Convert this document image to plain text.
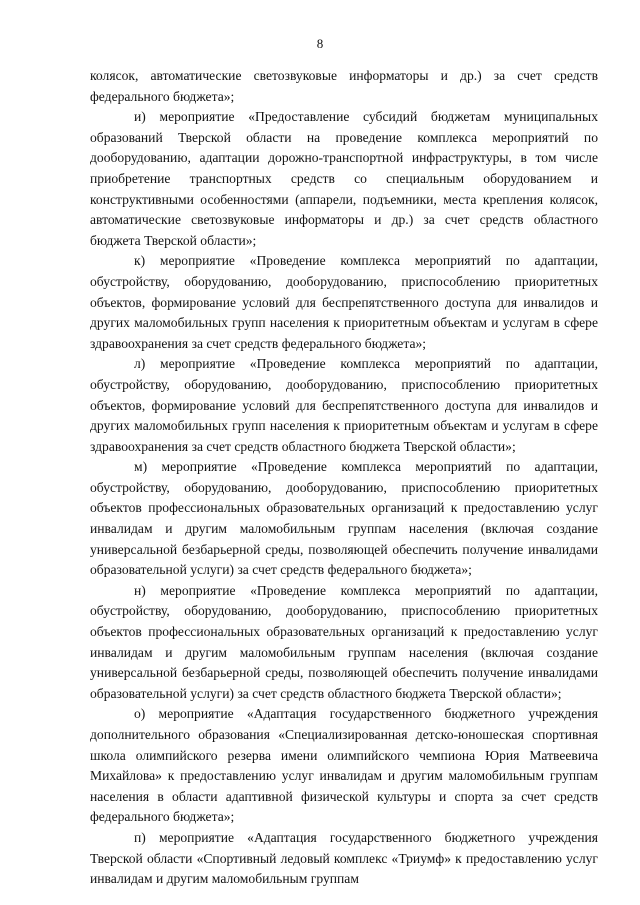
8

колясок, автоматические светозвуковые информаторы и др.) за счет средств федерального бюджета»;

и) мероприятие «Предоставление субсидий бюджетам муниципальных образований Тверской области на проведение комплекса мероприятий по дооборудованию, адаптации дорожно-транспортной инфраструктуры, в том числе приобретение транспортных средств со специальным оборудованием и конструктивными особенностями (аппарели, подъемники, места крепления колясок, автоматические светозвуковые информаторы и др.) за счет средств областного бюджета Тверской области»;

к) мероприятие «Проведение комплекса мероприятий по адаптации, обустройству, оборудованию, дооборудованию, приспособлению приоритетных объектов, формирование условий для беспрепятственного доступа для инвалидов и других маломобильных групп населения к приоритетным объектам и услугам в сфере здравоохранения за счет средств федерального бюджета»;

л) мероприятие «Проведение комплекса мероприятий по адаптации, обустройству, оборудованию, дооборудованию, приспособлению приоритетных объектов, формирование условий для беспрепятственного доступа для инвалидов и других маломобильных групп населения к приоритетным объектам и услугам в сфере здравоохранения за счет средств областного бюджета Тверской области»;

м) мероприятие «Проведение комплекса мероприятий по адаптации, обустройству, оборудованию, дооборудованию, приспособлению приоритетных объектов профессиональных образовательных организаций к предоставлению услуг инвалидам и другим маломобильным группам населения (включая создание универсальной безбарьерной среды, позволяющей обеспечить получение инвалидами образовательной услуги) за счет средств федерального бюджета»;

н) мероприятие «Проведение комплекса мероприятий по адаптации, обустройству, оборудованию, дооборудованию, приспособлению приоритетных объектов профессиональных образовательных организаций к предоставлению услуг инвалидам и другим маломобильным группам населения (включая создание универсальной безбарьерной среды, позволяющей обеспечить получение инвалидами образовательной услуги) за счет средств областного бюджета Тверской области»;

о) мероприятие «Адаптация государственного бюджетного учреждения дополнительного образования «Специализированная детско-юношеская спортивная школа олимпийского резерва имени олимпийского чемпиона Юрия Матвеевича Михайлова» к предоставлению услуг инвалидам и другим маломобильным группам населения в области адаптивной физической культуры и спорта за счет средств федерального бюджета»;

п) мероприятие «Адаптация государственного бюджетного учреждения Тверской области «Спортивный ледовый комплекс «Триумф» к предоставлению услуг инвалидам и другим маломобильным группам
